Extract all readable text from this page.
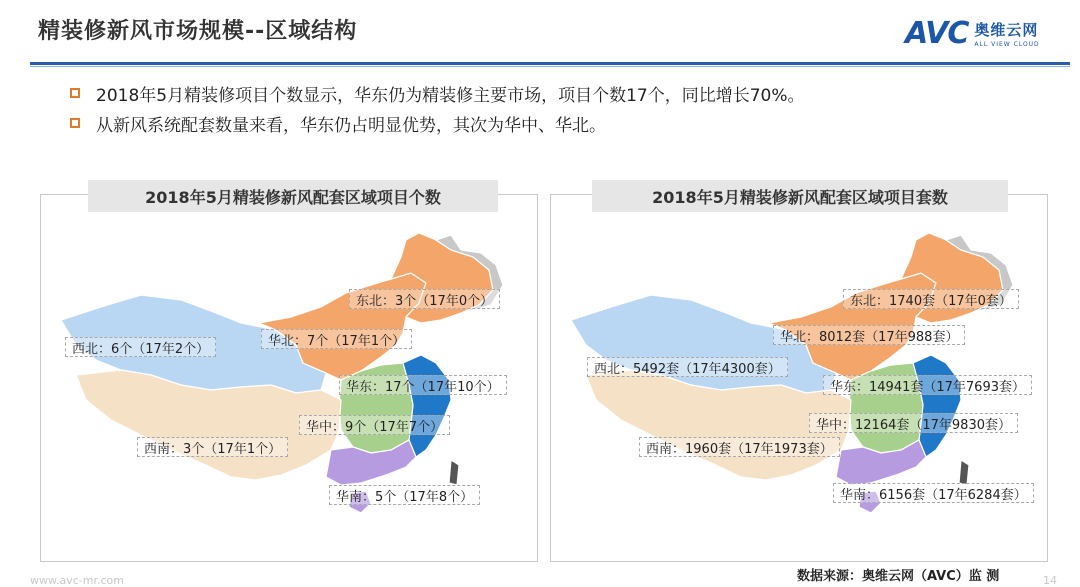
精装修新风市场规模--区域结构	AVC 奥维云网
ALL VIEW CLOUD
2018年5月精装修项目个数显示，华东仍为精装修主要市场，项目个数17个，同比增长70%。
从新风系统配套数量来看，华东仍占明显优势，其次为华中、华北。
东北：3个（17年0个）
华北：7个（17年1个）
西北：6个（17年2个）
华东：17个（17年10个）
华中：9个（17年7个）
西南：3个（17年1个）
华南：5个（17年8个）
2018年5月精装修新风配套区域项目个数
东北：1740套（17年0套）
华北：8012套（17年988套）
西北：5492套（17年4300套）
华东：14941套（17年7693套）
华中：12164套（17年9830套）
西南：1960套（17年1973套）
华南：6156套（17年6284套）
2018年5月精装修新风配套区域项目套数
数据来源：奥维云网（AVC）监 测
www.avc-mr.com	14
